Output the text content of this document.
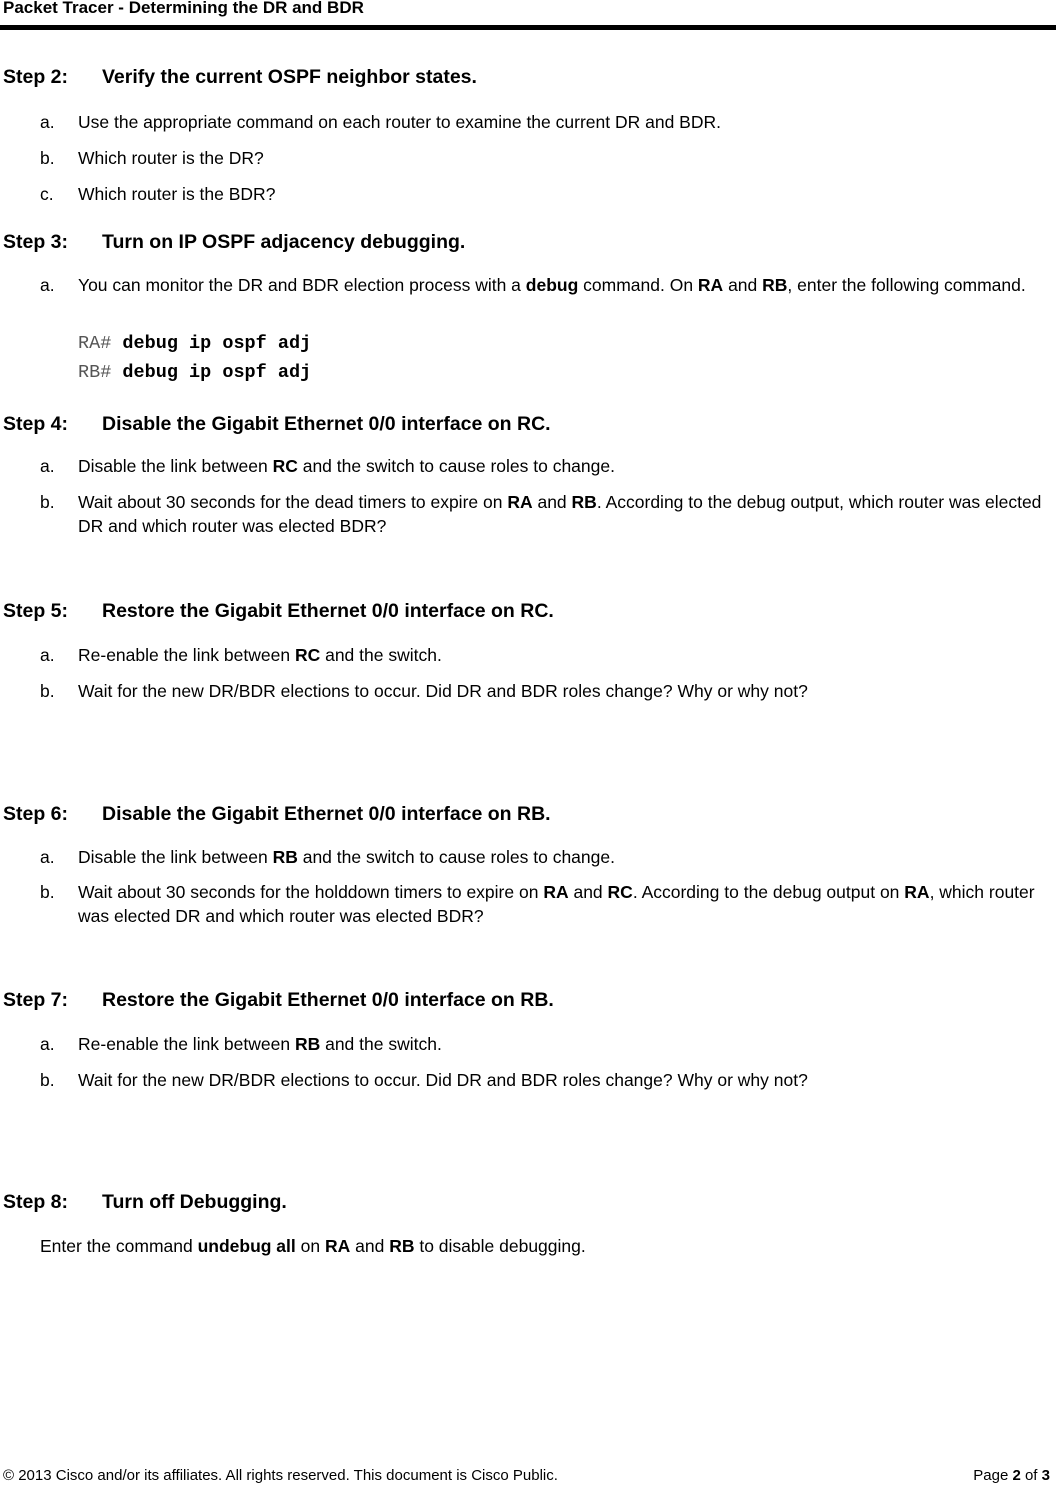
Packet Tracer - Determining the DR and BDR
Step 2: Verify the current OSPF neighbor states.
a. Use the appropriate command on each router to examine the current DR and BDR.
b. Which router is the DR?
c. Which router is the BDR?
Step 3: Turn on IP OSPF adjacency debugging.
a. You can monitor the DR and BDR election process with a debug command. On RA and RB, enter the following command.
RA# debug ip ospf adj
RB# debug ip ospf adj
Step 4: Disable the Gigabit Ethernet 0/0 interface on RC.
a. Disable the link between RC and the switch to cause roles to change.
b. Wait about 30 seconds for the dead timers to expire on RA and RB. According to the debug output, which router was elected DR and which router was elected BDR?
Step 5: Restore the Gigabit Ethernet 0/0 interface on RC.
a. Re-enable the link between RC and the switch.
b. Wait for the new DR/BDR elections to occur. Did DR and BDR roles change? Why or why not?
Step 6: Disable the Gigabit Ethernet 0/0 interface on RB.
a. Disable the link between RB and the switch to cause roles to change.
b. Wait about 30 seconds for the holddown timers to expire on RA and RC. According to the debug output on RA, which router was elected DR and which router was elected BDR?
Step 7: Restore the Gigabit Ethernet 0/0 interface on RB.
a. Re-enable the link between RB and the switch.
b. Wait for the new DR/BDR elections to occur. Did DR and BDR roles change? Why or why not?
Step 8: Turn off Debugging.
Enter the command undebug all on RA and RB to disable debugging.
© 2013 Cisco and/or its affiliates. All rights reserved. This document is Cisco Public.	Page 2 of 3
